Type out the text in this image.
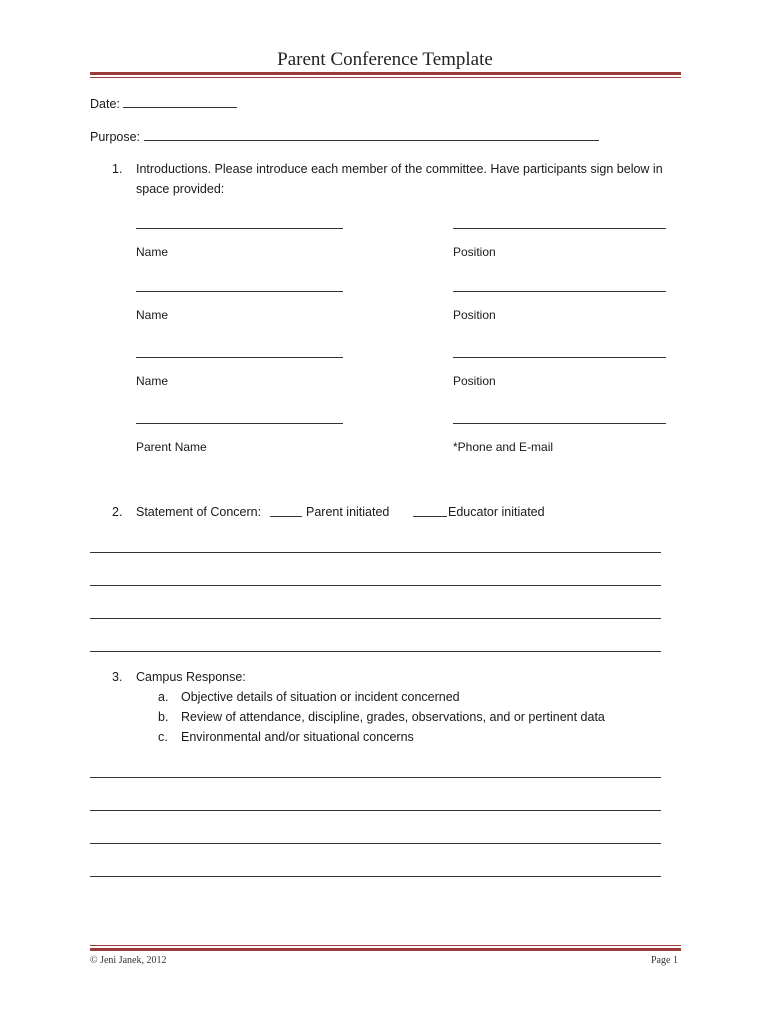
Parent Conference Template
Date:
Purpose:
1. Introductions. Please introduce each member of the committee. Have participants sign below in
space provided:
Name	Position
Name	Position
Name	Position
Parent Name	*Phone and E-mail
2. Statement of Concern:	Parent initiated	Educator initiated
3. Campus Response:
a. Objective details of situation or incident concerned
b. Review of attendance, discipline, grades, observations, and or pertinent data
c. Environmental and/or situational concerns
© Jeni Janek, 2012	Page 1
